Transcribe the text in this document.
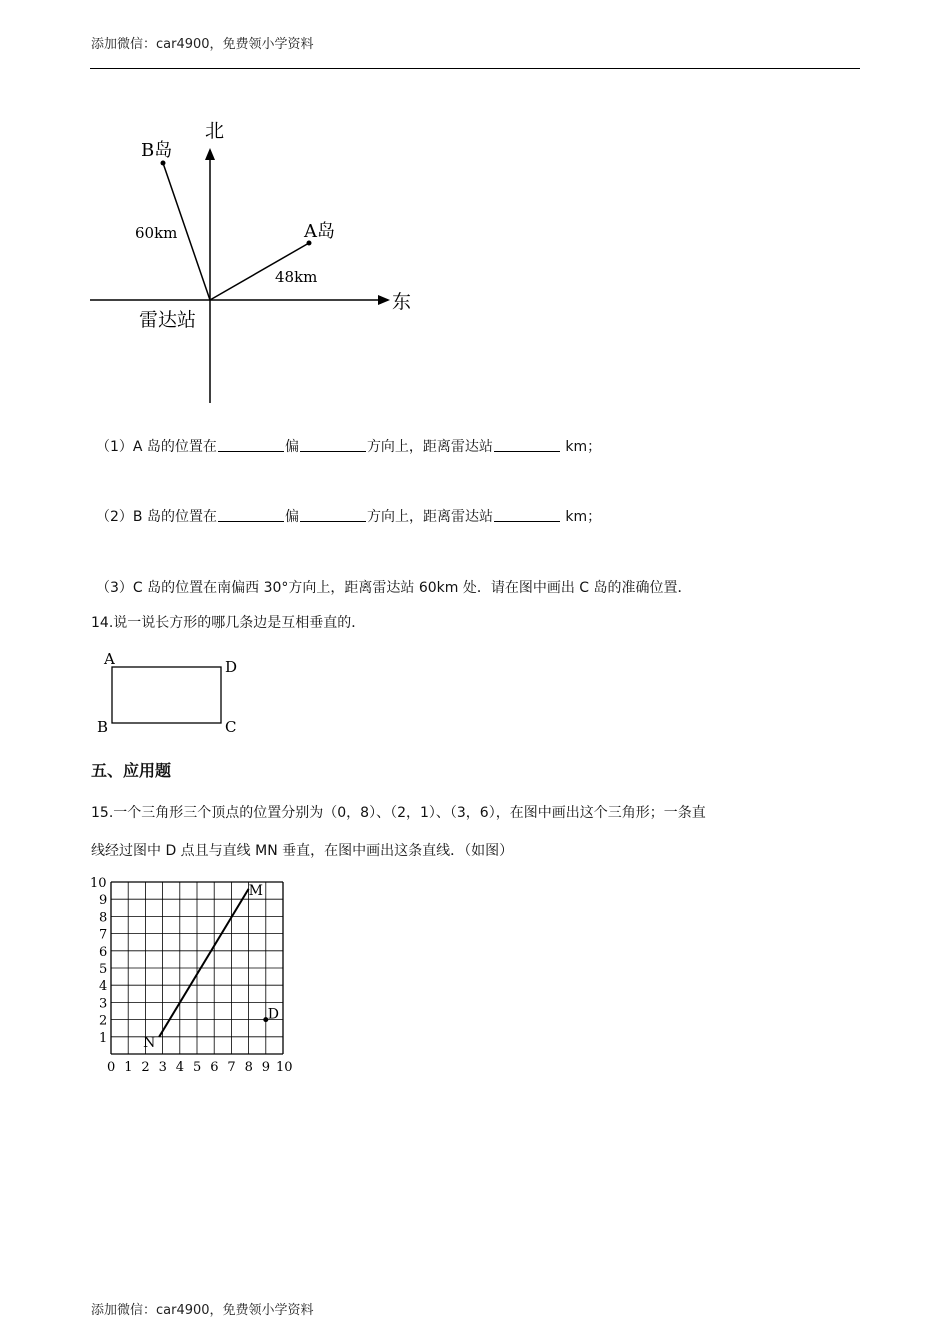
添加微信：car4900，免费领小学资料
北
东
雷达站
B岛
A岛
60km
48km
（1）A 岛的位置在	偏	方向上，距离雷达站	km；
（2）B 岛的位置在	偏	方向上，距离雷达站	km；
（3）C 岛的位置在南偏西 30°方向上，距离雷达站 60km 处．请在图中画出 C 岛的准确位置．
14.说一说长方形的哪几条边是互相垂直的．
A	D
B	C
五、应用题
15.一个三角形三个顶点的位置分别为（0，8）、（2，1）、（3，6），在图中画出这个三角形；一条直
线经过图中 D 点且与直线 MN 垂直，在图中画出这条直线．（如图）
0 1 2 3 4 5 6 7 8 9 10
1
2
3
4
5
6
7
8
9
10	M
N
D
添加微信：car4900，免费领小学资料
